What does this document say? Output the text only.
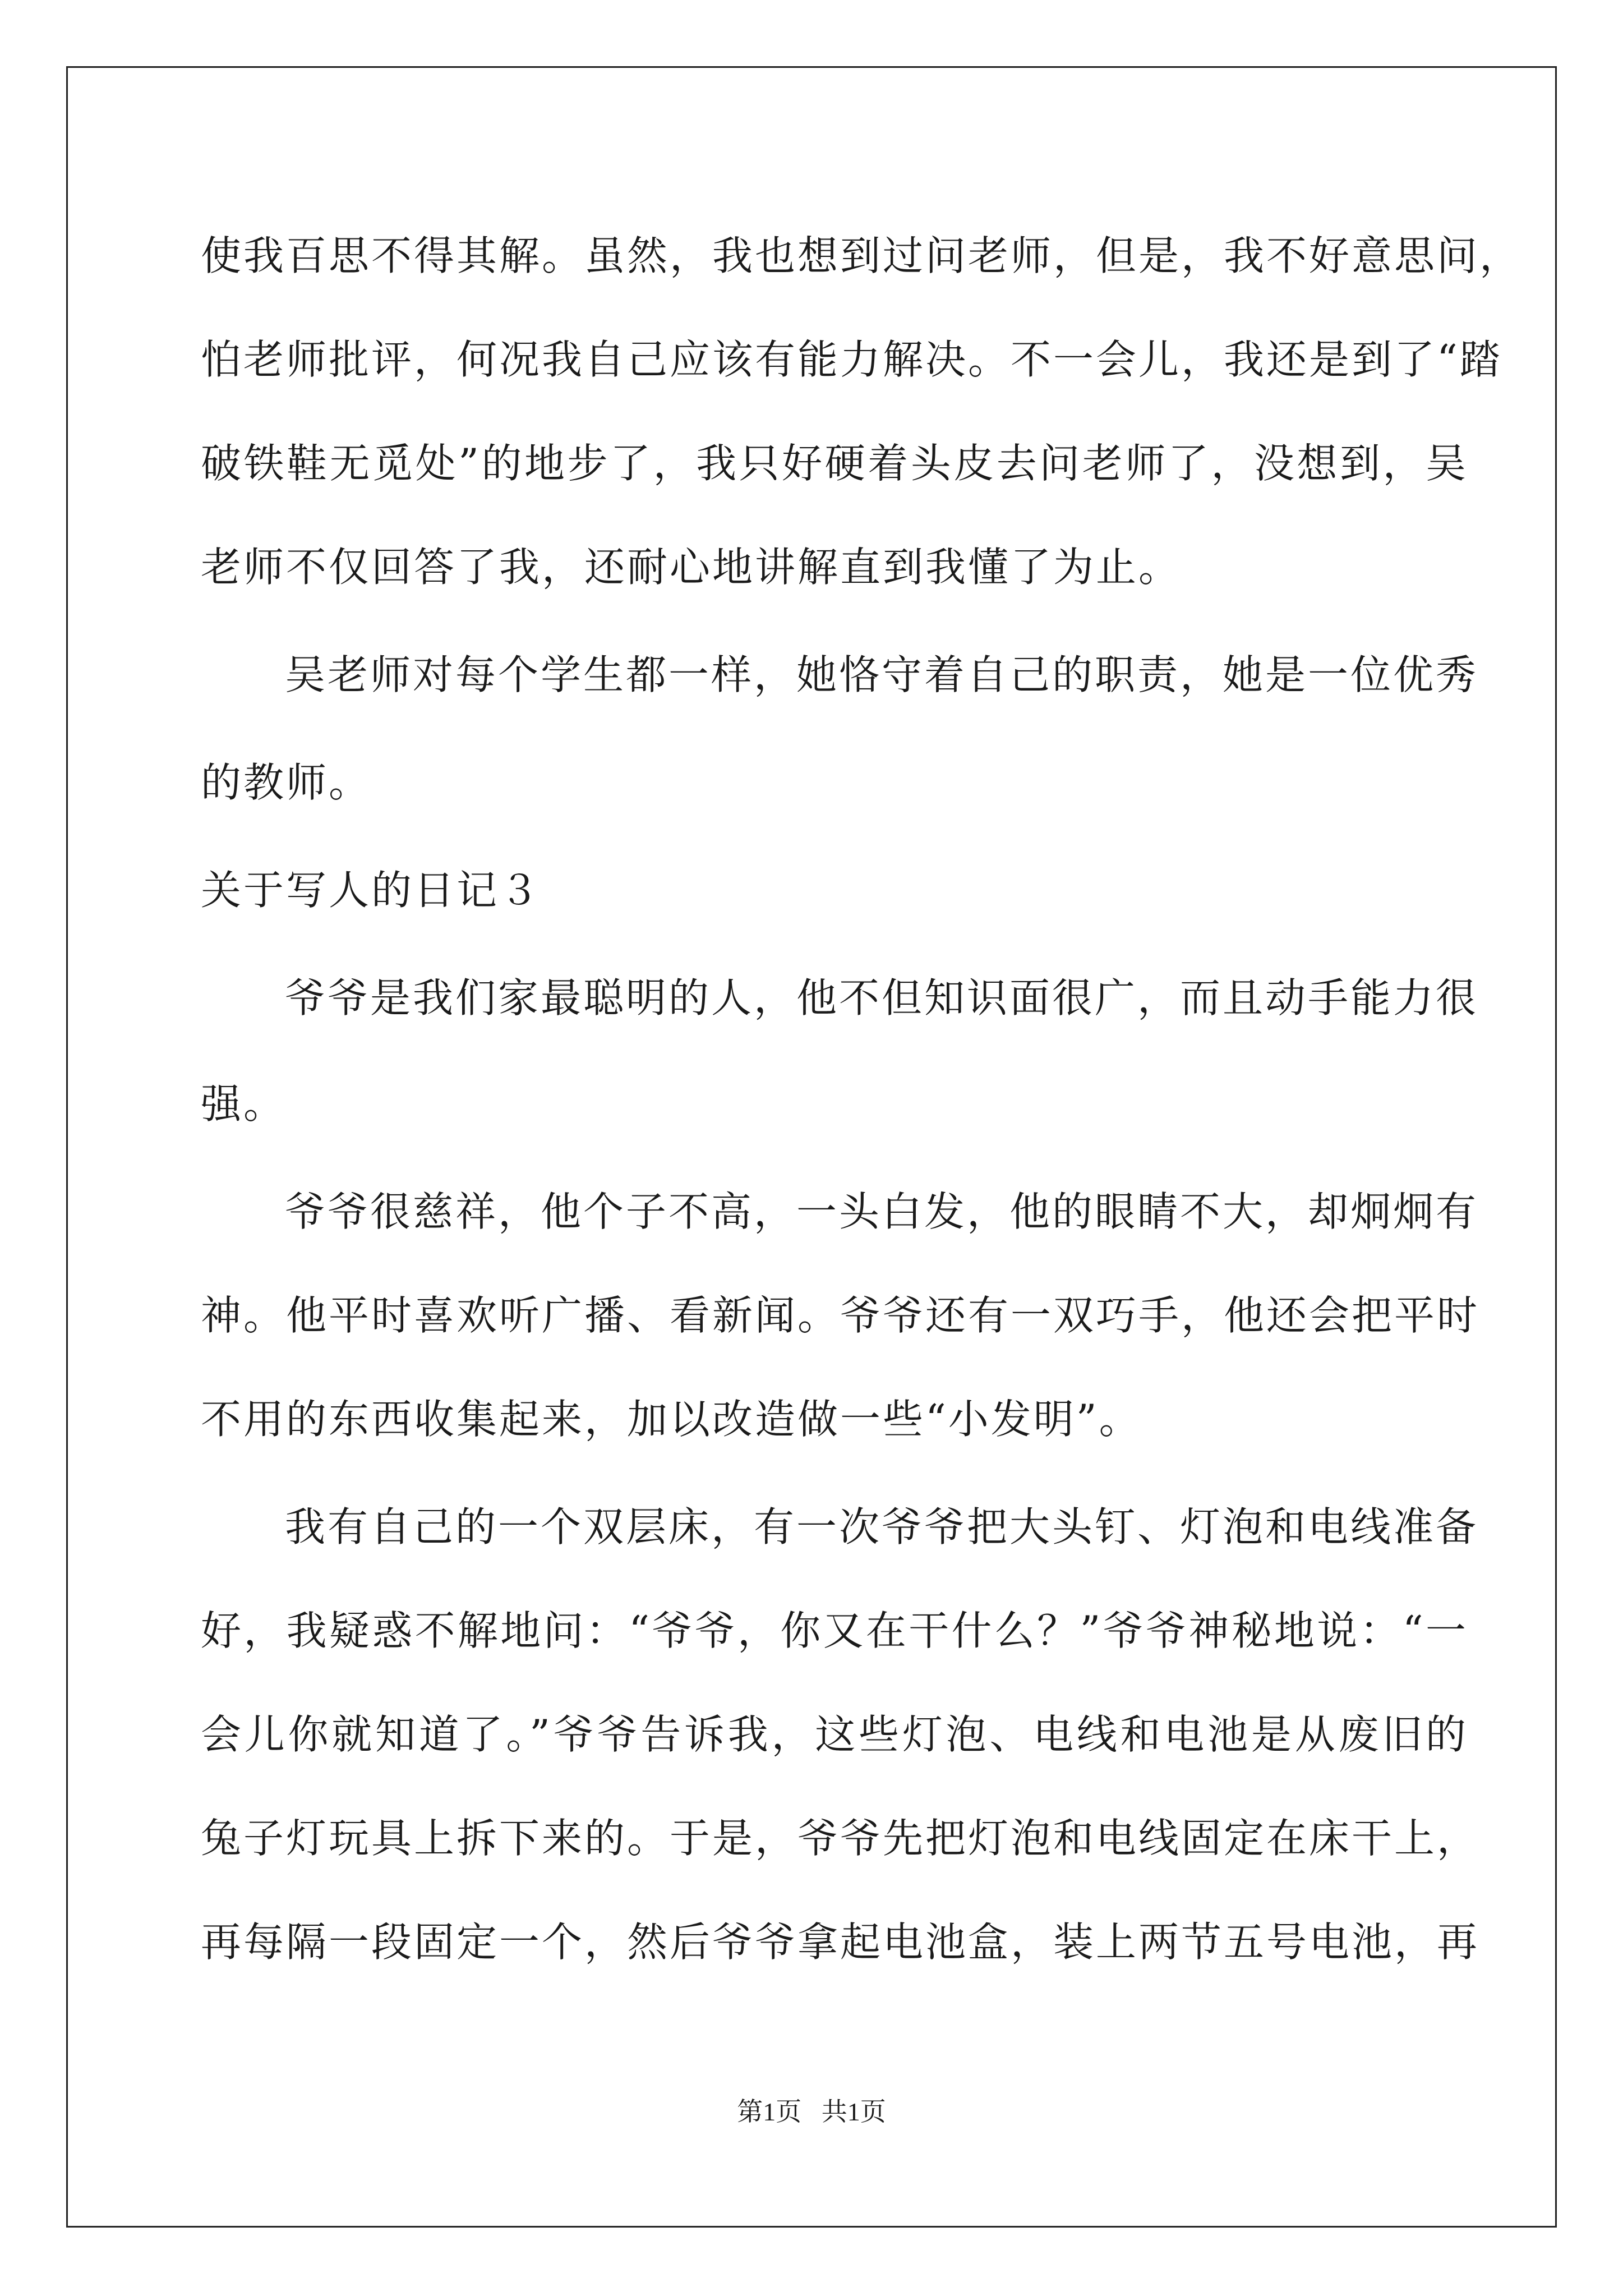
使我百思不得其解。虽然，我也想到过问老师，但是，我不好意思问，
怕老师批评，何况我自己应该有能力解决。不一会儿，我还是到了“踏
破铁鞋无觅处”的地步了，我只好硬着头皮去问老师了，没想到，吴
老师不仅回答了我，还耐心地讲解直到我懂了为止。
吴老师对每个学生都一样，她恪守着自己的职责，她是一位优秀
的教师。
关于写人的日记３
爷爷是我们家最聪明的人，他不但知识面很广，而且动手能力很
强。
爷爷很慈祥，他个子不高，一头白发，他的眼睛不大，却炯炯有
神。他平时喜欢听广播、看新闻。爷爷还有一双巧手，他还会把平时
不用的东西收集起来，加以改造做一些“小发明”。
我有自己的一个双层床，有一次爷爷把大头钉、灯泡和电线准备
好，我疑惑不解地问：“爷爷，你又在干什么？”爷爷神秘地说：“一
会儿你就知道了。”爷爷告诉我，这些灯泡、电线和电池是从废旧的
兔子灯玩具上拆下来的。于是，爷爷先把灯泡和电线固定在床干上，
再每隔一段固定一个，然后爷爷拿起电池盒，装上两节五号电池，再
第1页 共1页
